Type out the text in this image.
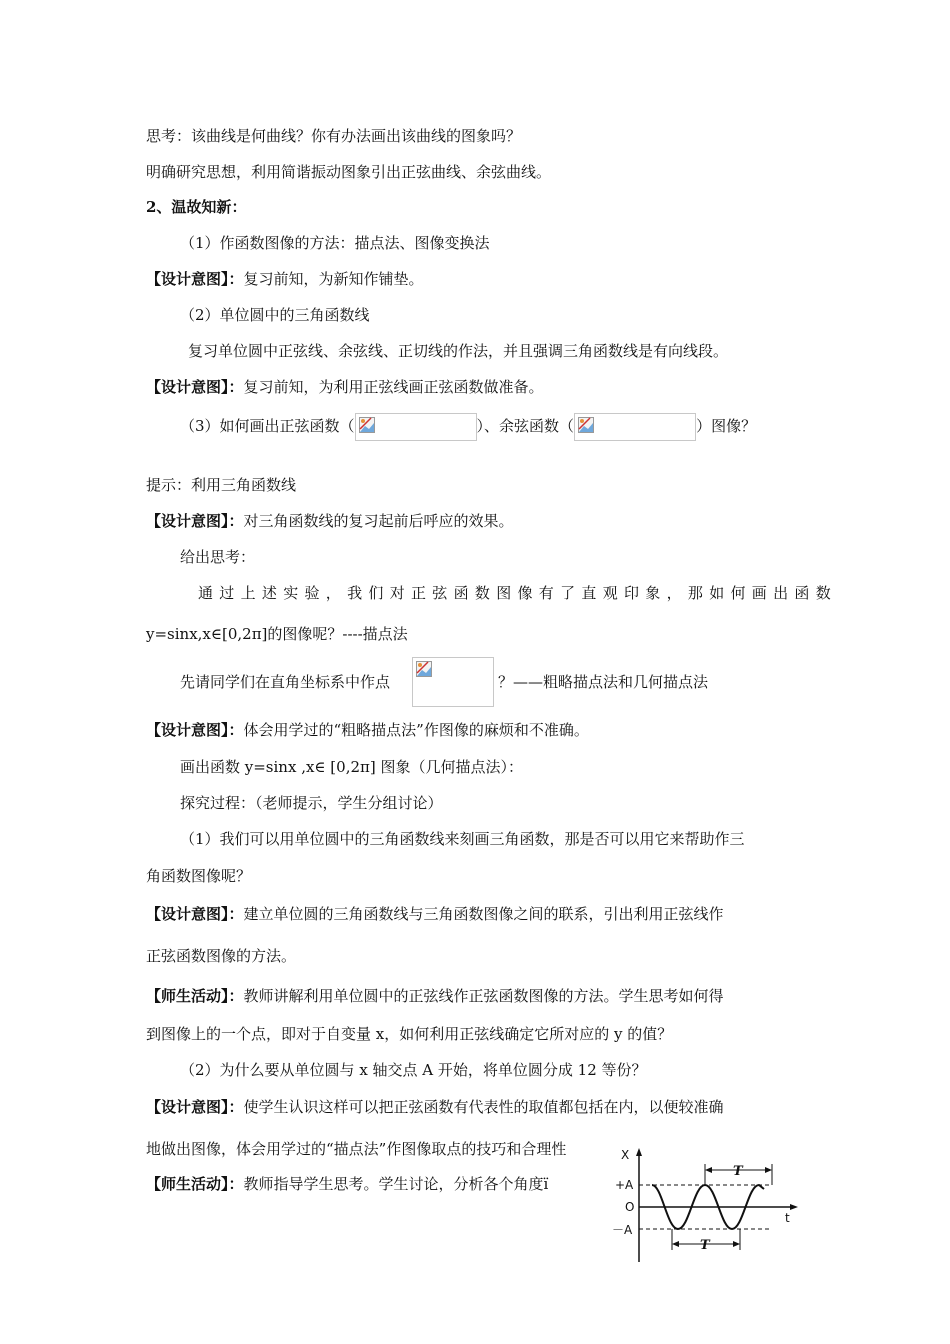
思考：该曲线是何曲线？你有办法画出该曲线的图象吗？
明确研究思想，利用简谐振动图象引出正弦曲线、余弦曲线。
2、温故知新：
（1）作函数图像的方法：描点法、图像变换法
【设计意图】：复习前知，为新知作铺垫。
（2）单位圆中的三角函数线
复习单位圆中正弦线、余弦线、正切线的作法，并且强调三角函数线是有向线段。
【设计意图】：复习前知，为利用正弦线画正弦函数做准备。
（3）如何画出正弦函数（	）、余弦函数（	）图像？
提示：利用三角函数线
【设计意图】：对三角函数线的复习起前后呼应的效果。
给出思考：
通过上述实验，我们对正弦函数图像有了直观印象，那如何画出函数
y=sinx,x∈[0,2π]的图像呢？----描点法
先请同学们在直角坐标系中作点	？——粗略描点法和几何描点法
【设计意图】：体会用学过的“粗略描点法”作图像的麻烦和不准确。
画出函数 y=sinx ,x∈ [0,2π] 图象（几何描点法）：
探究过程：（老师提示，学生分组讨论）
（1）我们可以用单位圆中的三角函数线来刻画三角函数，那是否可以用它来帮助作三
角函数图像呢？
【设计意图】：建立单位圆的三角函数线与三角函数图像之间的联系，引出利用正弦线作
正弦函数图像的方法。
【师生活动】：教师讲解利用单位圆中的正弦线作正弦函数图像的方法。学生思考如何得
到图像上的一个点，即对于自变量 x，如何利用正弦线确定它所对应的 y 的值？
（2）为什么要从单位圆与 x 轴交点 A 开始，将单位圆分成 12 等份？
【设计意图】：使学生认识这样可以把正弦函数有代表性的取值都包括在内，以便较准确
地做出图像，体会用学过的“描点法”作图像取点的技巧和合理性
【师生活动】：教师指导学生思考。学生讨论，分析各个角度ï
X
+A
O
－A
t
T
T
